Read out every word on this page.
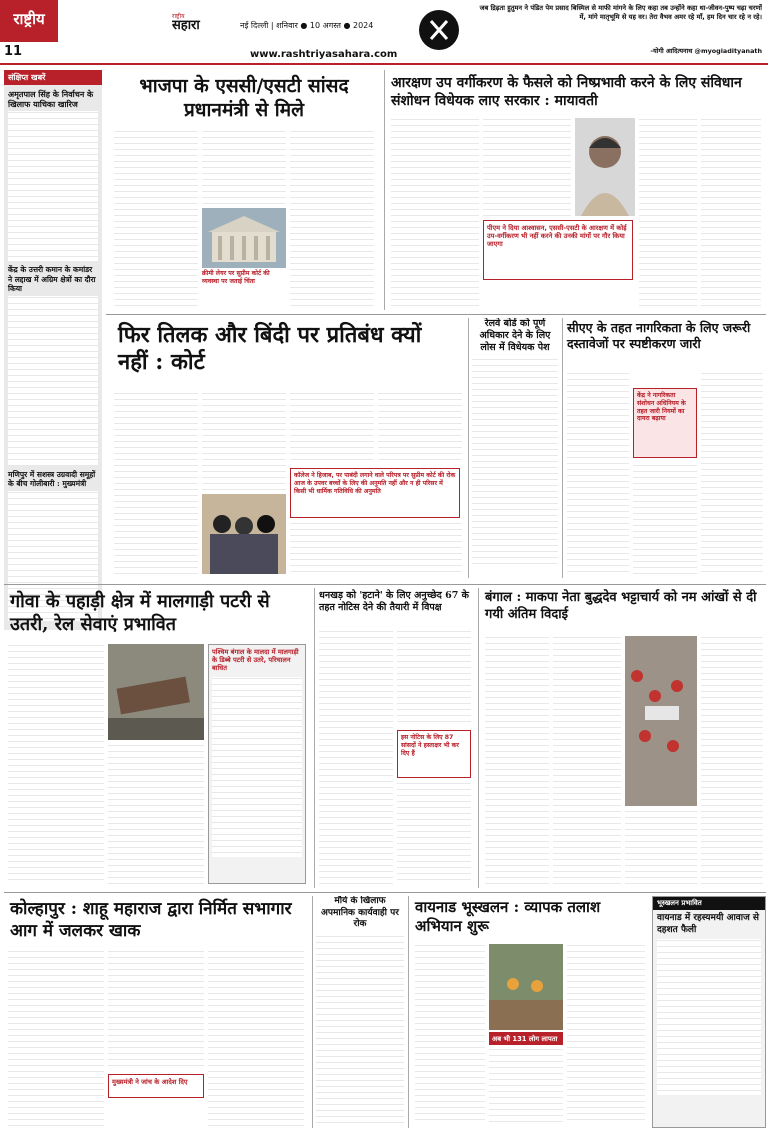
राष्ट्रीय
11
राष्ट्रीय
सहारा	नई दिल्ली | शनिवार ● 10 अगस्त ● 2024
www.rashtriyasahara.com
जब द्रिढ़ता हुतुमन ने पंडित पेम प्रसाद बिस्मिल से माफी मांगने के लिए कहा तब उन्होंने कहा था-जीवन-पुष्प चढ़ा चरणों में, मांगे मातृभूमि से यह वर। तेरा वैभव अमर रहे माँ, हम दिन चार रहे न रहे।
-योगी आदित्यनाथ @myogiadityanath
संक्षिप्त खबरें
अमृतपाल सिंह के निर्वाचन के खिलाफ याचिका खारिज
केंद्र के उत्तरी कमान के कमांडर ने लद्दाख में अग्रिम क्षेत्रों का दौरा किया
मणिपुर में सशस्त्र उग्रवादी समूहों के बीच गोलीबारी : मुख्यमंत्री
भाजपा के एससी/एसटी सांसद प्रधानमंत्री से मिले
क्रीमी लेयर पर सुप्रीम कोर्ट की व्यवस्था पर जताई चिंता
आरक्षण उप वर्गीकरण के फैसले को निष्प्रभावी करने के लिए संविधान संशोधन विधेयक लाए सरकार : मायावती
पीएम ने दिया आश्वासन, एससी-एसटी के आरक्षण में कोई उप-वर्गीकरण भी नहीं करने की उनकी मांगों पर गौर किया जाएगा
फिर तिलक और बिंदी पर प्रतिबंध क्यों नहीं : कोर्ट
कॉलेज ने हिजाब, पर पाबंदी लगाने वाले परिपत्र पर सुप्रीम कोर्ट की रोक आज के उपवर बच्चों के लिए की अनुमति नहीं और न ही परिसर में किसी भी धार्मिक गतिविधि की अनुमति
रेलवे बोर्ड को पूर्ण अधिकार देने के लिए लोस में विधेयक पेश
सीएए के तहत नागरिकता के लिए जरूरी दस्तावेजों पर स्पष्टीकरण जारी
केंद्र ने नागरिकता संशोधन अधिनियम के तहत जारी नियमों का दायरा बढ़ाया
गोवा के पहाड़ी क्षेत्र में मालगाड़ी पटरी से उतरी, रेल सेवाएं प्रभावित
पश्चिम बंगाल के मालदा में मालगाड़ी के डिब्बे पटरी से उतरे, परिचालन बाधित
धनखड़ को 'हटाने' के लिए अनुच्छेद 67 के तहत नोटिस देने की तैयारी में विपक्ष
इस नोटिस के लिए 87 सांसदों ने हस्ताक्षर भी कर दिए हैं
बंगाल : माकपा नेता बुद्धदेव भट्टाचार्य को नम आंखों से दी गयी अंतिम विदाई
कोल्हापुर : शाहू महाराज द्वारा निर्मित सभागार आग में जलकर खाक
मुख्यमंत्री ने जांच के आदेश दिए
मौर्य के खिलाफ अपमानिक कार्यवाही पर रोक
वायनाड भूस्खलन : व्यापक तलाश अभियान शुरू
अब भी 131 लोग लापता
भूस्खलन प्रभावित
वायनाड में रहस्यमयी आवाज से दहशत फैली
